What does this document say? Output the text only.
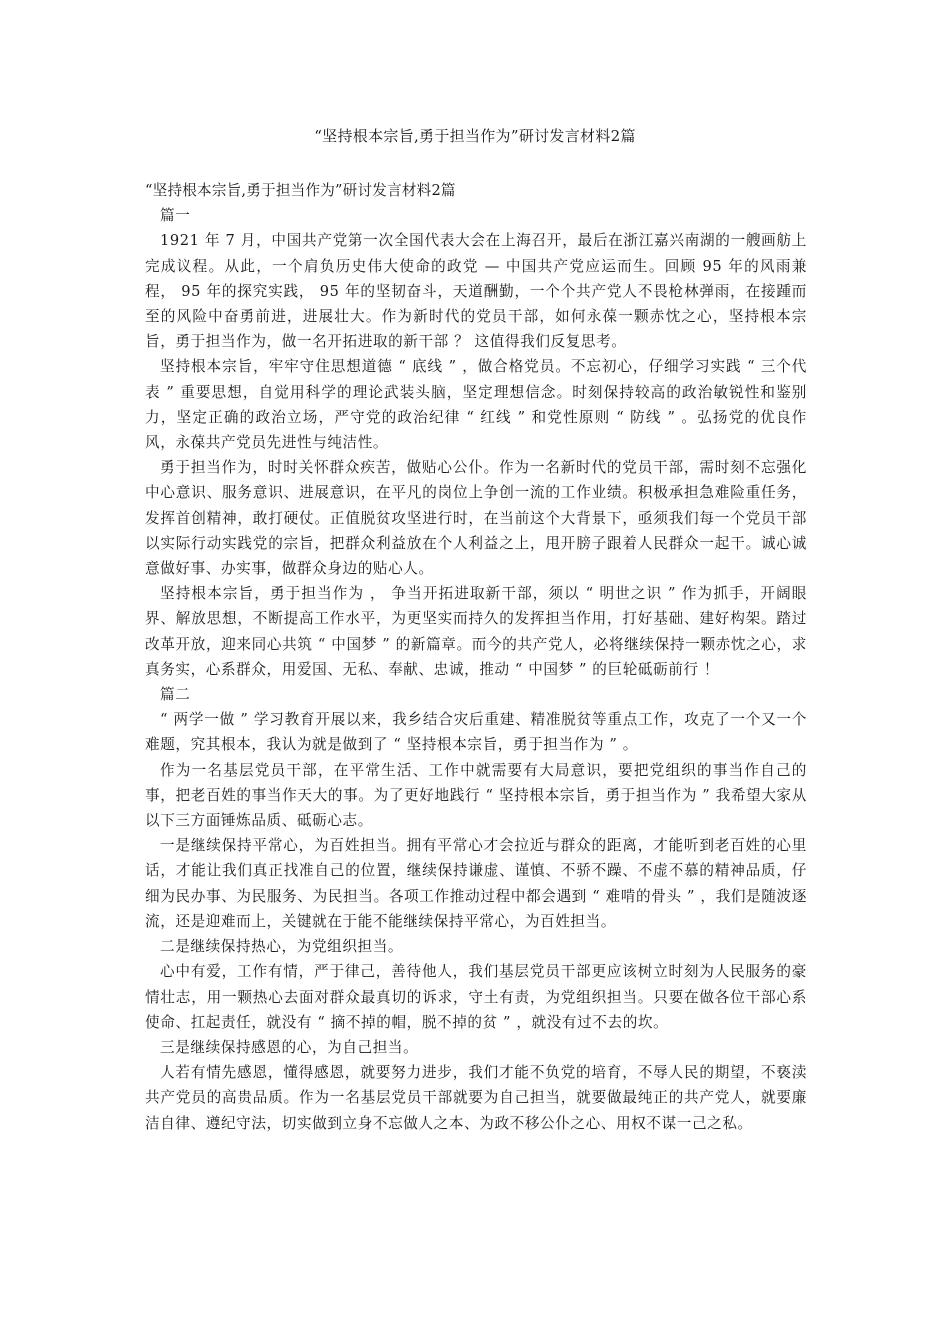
“坚持根本宗旨,勇于担当作为”研讨发言材料2篇

“坚持根本宗旨,勇于担当作为”研讨发言材料2篇

篇一

1921 年 7 月，中国共产党第一次全国代表大会在上海召开，最后在浙江嘉兴南湖的一艘画舫上完成议程。从此，一个肩负历史伟大使命的政党 — 中国共产党应运而生。回顾 95 年的风雨兼程， 95 年的探究实践， 95 年的坚韧奋斗，天道酬勤，一个个共产党人不畏枪林弹雨，在接踵而至的风险中奋勇前进，进展壮大。作为新时代的党员干部，如何永葆一颗赤忱之心，坚持根本宗旨，勇于担当作为，做一名开拓进取的新干部 ？ 这值得我们反复思考。

坚持根本宗旨，牢牢守住思想道德 “ 底线 ” ，做合格党员。不忘初心，仔细学习实践 “ 三个代表 ” 重要思想，自觉用科学的理论武装头脑，坚定理想信念。时刻保持较高的政治敏锐性和鉴别力，坚定正确的政治立场，严守党的政治纪律 “ 红线 ” 和党性原则 “ 防线 ” 。弘扬党的优良作风，永葆共产党员先进性与纯洁性。

勇于担当作为，时时关怀群众疾苦，做贴心公仆。作为一名新时代的党员干部，需时刻不忘强化中心意识、服务意识、进展意识，在平凡的岗位上争创一流的工作业绩。积极承担急难险重任务，发挥首创精神，敢打硬仗。正值脱贫攻坚进行时，在当前这个大背景下，亟须我们每一个党员干部以实际行动实践党的宗旨，把群众利益放在个人利益之上，甩开膀子跟着人民群众一起干。诚心诚意做好事、办实事，做群众身边的贴心人。

坚持根本宗旨，勇于担当作为 ， 争当开拓进取新干部，须以 “ 明世之识 ” 作为抓手，开阔眼界、解放思想，不断提高工作水平，为更坚实而持久的发挥担当作用，打好基础、建好构架。踏过改革开放，迎来同心共筑 “ 中国梦 ” 的新篇章。而今的共产党人，必将继续保持一颗赤忱之心，求真务实，心系群众，用爱国、无私、奉献、忠诚，推动 “ 中国梦 ” 的巨轮砥砺前行 ！

篇二

“ 两学一做 ” 学习教育开展以来，我乡结合灾后重建、精准脱贫等重点工作，攻克了一个又一个难题，究其根本，我认为就是做到了 “ 坚持根本宗旨，勇于担当作为 ” 。

作为一名基层党员干部，在平常生活、工作中就需要有大局意识，要把党组织的事当作自己的事，把老百姓的事当作天大的事。为了更好地践行 “ 坚持根本宗旨，勇于担当作为 ” 我希望大家从以下三方面锤炼品质、砥砺心志。

一是继续保持平常心，为百姓担当。拥有平常心才会拉近与群众的距离，才能听到老百姓的心里话，才能让我们真正找准自己的位置，继续保持谦虚、谨慎、不骄不躁、不虚不慕的精神品质，仔细为民办事、为民服务、为民担当。各项工作推动过程中都会遇到 “ 难啃的骨头 ” ，我们是随波逐流，还是迎难而上，关键就在于能不能继续保持平常心，为百姓担当。

二是继续保持热心，为党组织担当。

心中有爱，工作有情，严于律己，善待他人，我们基层党员干部更应该树立时刻为人民服务的豪情壮志，用一颗热心去面对群众最真切的诉求，守土有责，为党组织担当。只要在做各位干部心系使命、扛起责任，就没有 “ 摘不掉的帽，脱不掉的贫 ” ，就没有过不去的坎。

三是继续保持感恩的心，为自己担当。

人若有情先感恩，懂得感恩，就要努力进步，我们才能不负党的培育，不辱人民的期望，不亵渎共产党员的高贵品质。作为一名基层党员干部就要为自己担当，就要做最纯正的共产党人，就要廉洁自律、遵纪守法，切实做到立身不忘做人之本、为政不移公仆之心、用权不谋一己之私。
